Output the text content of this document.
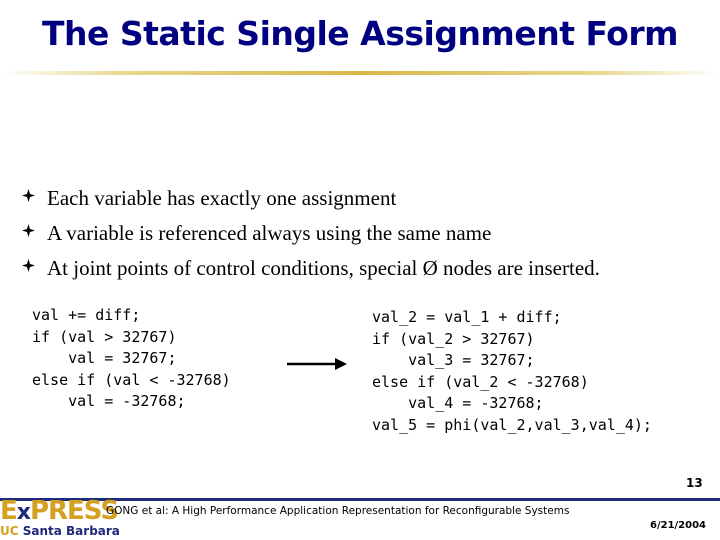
The Static Single Assignment Form
Each variable has exactly one assignment
A variable is referenced always using the same name
At joint points of control conditions, special Ø nodes are inserted.
val += diff;
if (val > 32767)
val = 32767;
else if (val < -32768)
val = -32768;
val_2 = val_1 + diff;
if (val_2 > 32767)
val_3 = 32767;
else if (val_2 < -32768)
val_4 = -32768;
val_5 = phi(val_2,val_3,val_4);
ExPRESS
UC Santa Barbara
GONG et al: A High Performance Application Representation for Reconfigurable Systems
13
6/21/2004
